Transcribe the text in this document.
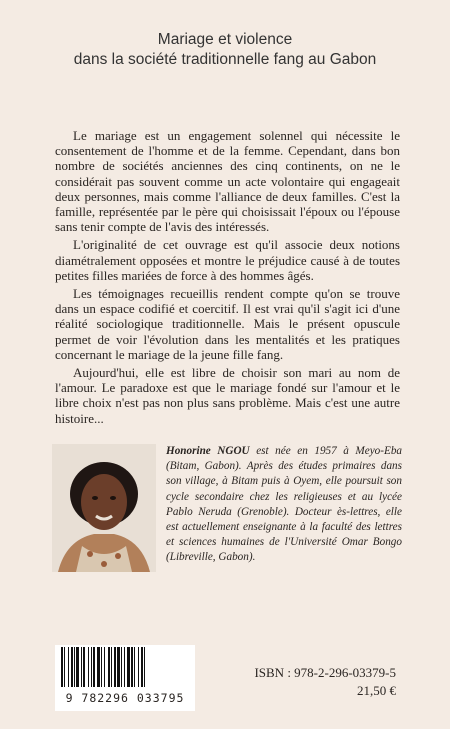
Mariage et violence
dans la société traditionnelle fang au Gabon

Le mariage est un engagement solennel qui nécessite le consentement de l'homme et de la femme. Cependant, dans bon nombre de sociétés anciennes des cinq continents, on ne le considérait pas souvent comme un acte volontaire qui engageait deux personnes, mais comme l'alliance de deux familles. C'est la famille, représentée par le père qui choisissait l'époux ou l'épouse sans tenir compte de l'avis des intéressés.

L'originalité de cet ouvrage est qu'il associe deux notions diamétralement opposées et montre le préjudice causé à de toutes petites filles mariées de force à des hommes âgés.

Les témoignages recueillis rendent compte qu'on se trouve dans un espace codifié et coercitif. Il est vrai qu'il s'agit ici d'une réalité sociologique traditionnelle. Mais le présent opuscule permet de voir l'évolution dans les mentalités et les pratiques concernant le mariage de la jeune fille fang.

Aujourd'hui, elle est libre de choisir son mari au nom de l'amour. Le paradoxe est que le mariage fondé sur l'amour et le libre choix n'est pas non plus sans problème. Mais c'est une autre histoire...

Honorine NGOU est née en 1957 à Meyo-Eba (Bitam, Gabon). Après des études primaires dans son village, à Bitam puis à Oyem, elle poursuit son cycle secondaire chez les religieuses et au lycée Pablo Neruda (Grenoble). Docteur ès-lettres, elle est actuellement enseignante à la faculté des lettres et sciences humaines de l'Université Omar Bongo (Libreville, Gabon).
9 782296 033795
ISBN : 978-2-296-03379-5
21,50 €
